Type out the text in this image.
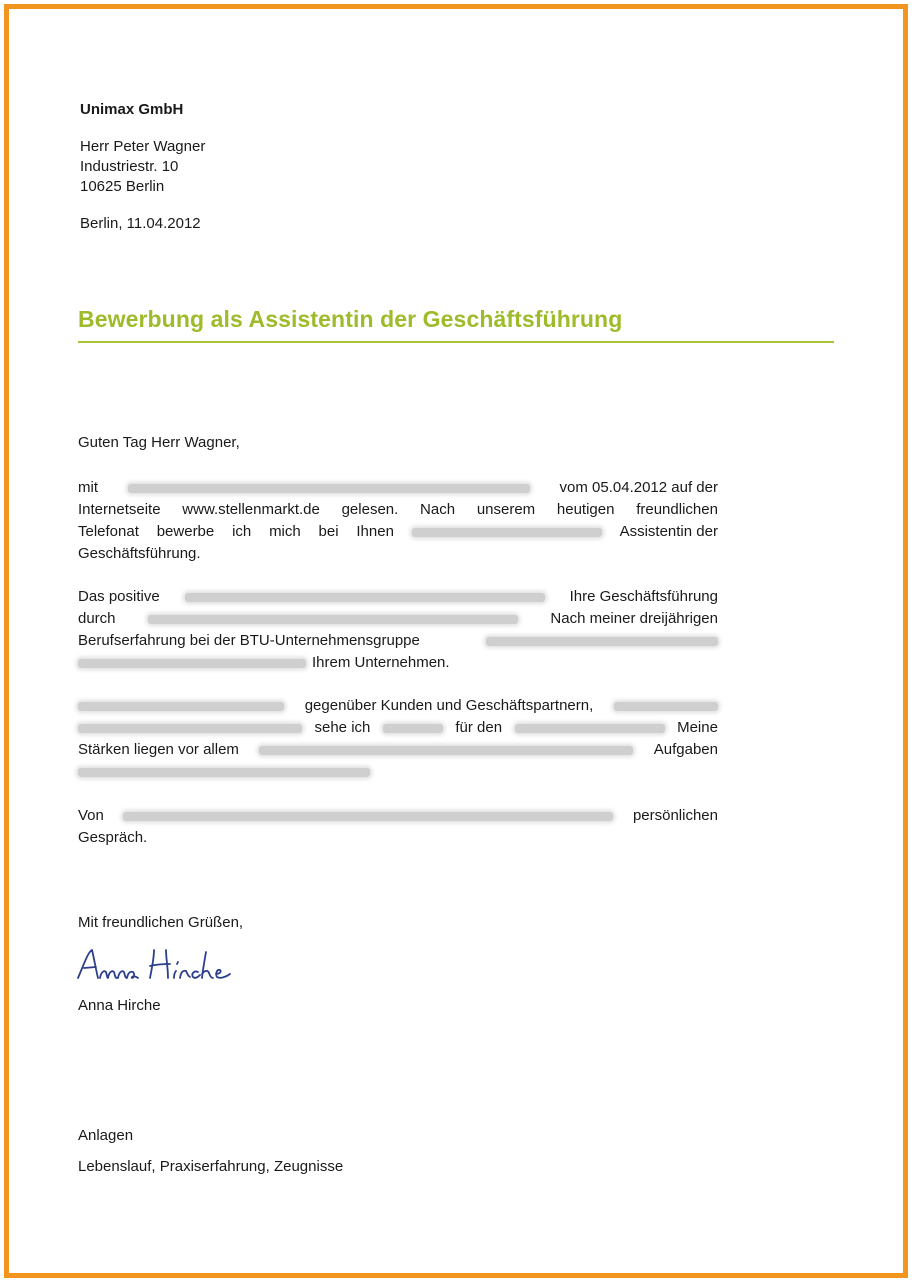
Unimax GmbH
Herr Peter Wagner
Industriestr. 10
10625 Berlin
Berlin, 11.04.2012
Bewerbung als Assistentin der Geschäftsführung
Guten Tag Herr Wagner,
mit	vom 05.04.2012 auf der
Internetseite www.stellenmarkt.de gelesen. Nach unserem heutigen freundlichen
Telefonat bewerbe ich mich bei Ihnen	Assistentin der
Geschäftsführung.
Das positive	Ihre Geschäftsführung
durch	Nach meiner dreijährigen
Berufserfahrung bei der BTU-Unternehmensgruppe
Ihrem Unternehmen.
gegenüber Kunden und Geschäftspartnern,
sehe ich	für den	Meine
Stärken liegen vor allem	Aufgaben
Von	persönlichen
Gespräch.
Mit freundlichen Grüßen,
Anna Hirche
Anlagen
Lebenslauf, Praxiserfahrung, Zeugnisse
